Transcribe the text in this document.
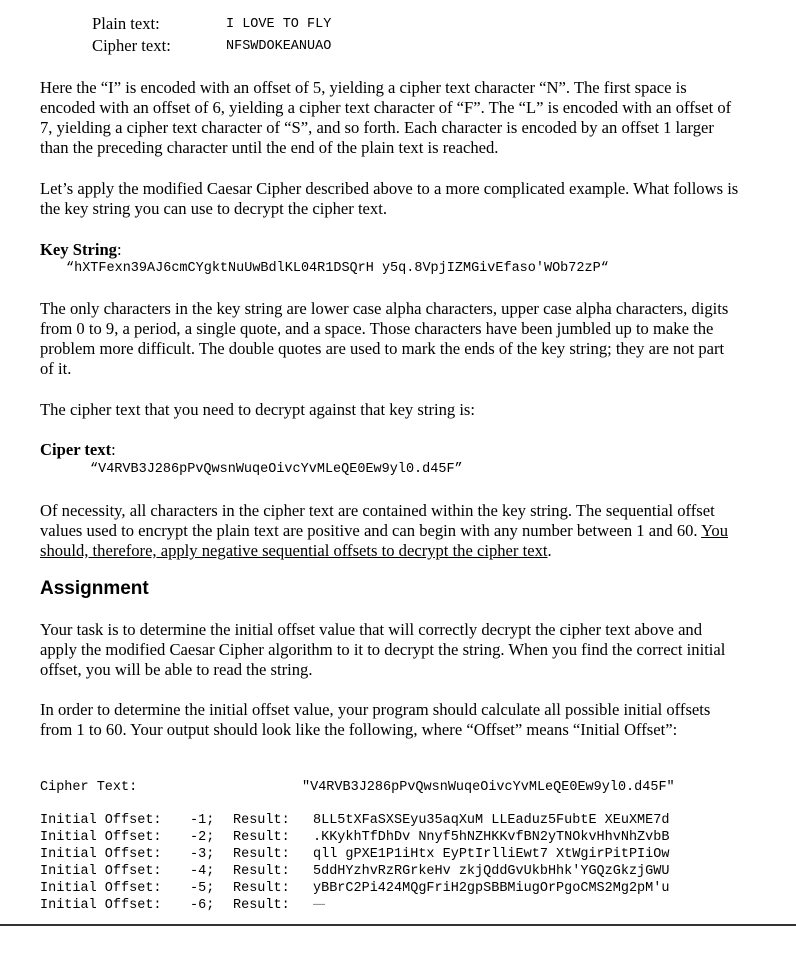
Plain text:	I LOVE TO FLY
Cipher text:	NFSWDOKEANUAO

Here the “I” is encoded with an offset of 5, yielding a cipher text character “N”. The first space is encoded with an offset of 6, yielding a cipher text character of “F”. The “L” is encoded with an offset of 7, yielding a cipher text character of “S”, and so forth. Each character is encoded by an offset 1 larger than the preceding character until the end of the plain text is reached.

Let’s apply the modified Caesar Cipher described above to a more complicated example. What follows is the key string you can use to decrypt the cipher text.

Key String:
“hXTFexn39AJ6cmCYgktNuUwBdlKL04R1DSQrH y5q.8VpjIZMGivEfaso'WOb72zP“

The only characters in the key string are lower case alpha characters, upper case alpha characters, digits from 0 to 9, a period, a single quote, and a space. Those characters have been jumbled up to make the problem more difficult. The double quotes are used to mark the ends of the key string; they are not part of it.

The cipher text that you need to decrypt against that key string is:

Ciper text:
“V4RVB3J286pPvQwsnWuqeOivcYvMLeQE0Ew9yl0.d45F”

Of necessity, all characters in the cipher text are contained within the key string. The sequential offset values used to encrypt the plain text are positive and can begin with any number between 1 and 60. You should, therefore, apply negative sequential offsets to decrypt the cipher text.

Assignment

Your task is to determine the initial offset value that will correctly decrypt the cipher text above and apply the modified Caesar Cipher algorithm to it to decrypt the string. When you find the correct initial offset, you will be able to read the string.

In order to determine the initial offset value, your program should calculate all possible initial offsets from 1 to 60. Your output should look like the following, where “Offset” means “Initial Offset”:

Cipher Text:

	"V4RVB3J286pPvQwsnWuqeOivcYvMLeQE0Ew9yl0.d45F"

Initial Offset:

-1;

Result:

8LL5tXFaSXSEyu35aqXuM LLEaduz5FubtE XEuXME7d

Initial Offset:

-2;

Result:

.KKykhTfDhDv Nnyf5hNZHKKvfBN2yTNOkvHhvNhZvbB

Initial Offset:

-3;

Result:

qll gPXE1P1iHtx EyPtIrlliEwt7 XtWgirPitPIiOw

Initial Offset:

-4;

Result:

5ddHYzhvRzRGrkeHv zkjQddGvUkbHhk'YGQzGkzjGWU

Initial Offset:

-5;

Result:

yBBrC2Pi424MQgFriH2gpSBBMiugOrPgoCMS2Mg2pM'u

Initial Offset:

-6;

Result:

……
